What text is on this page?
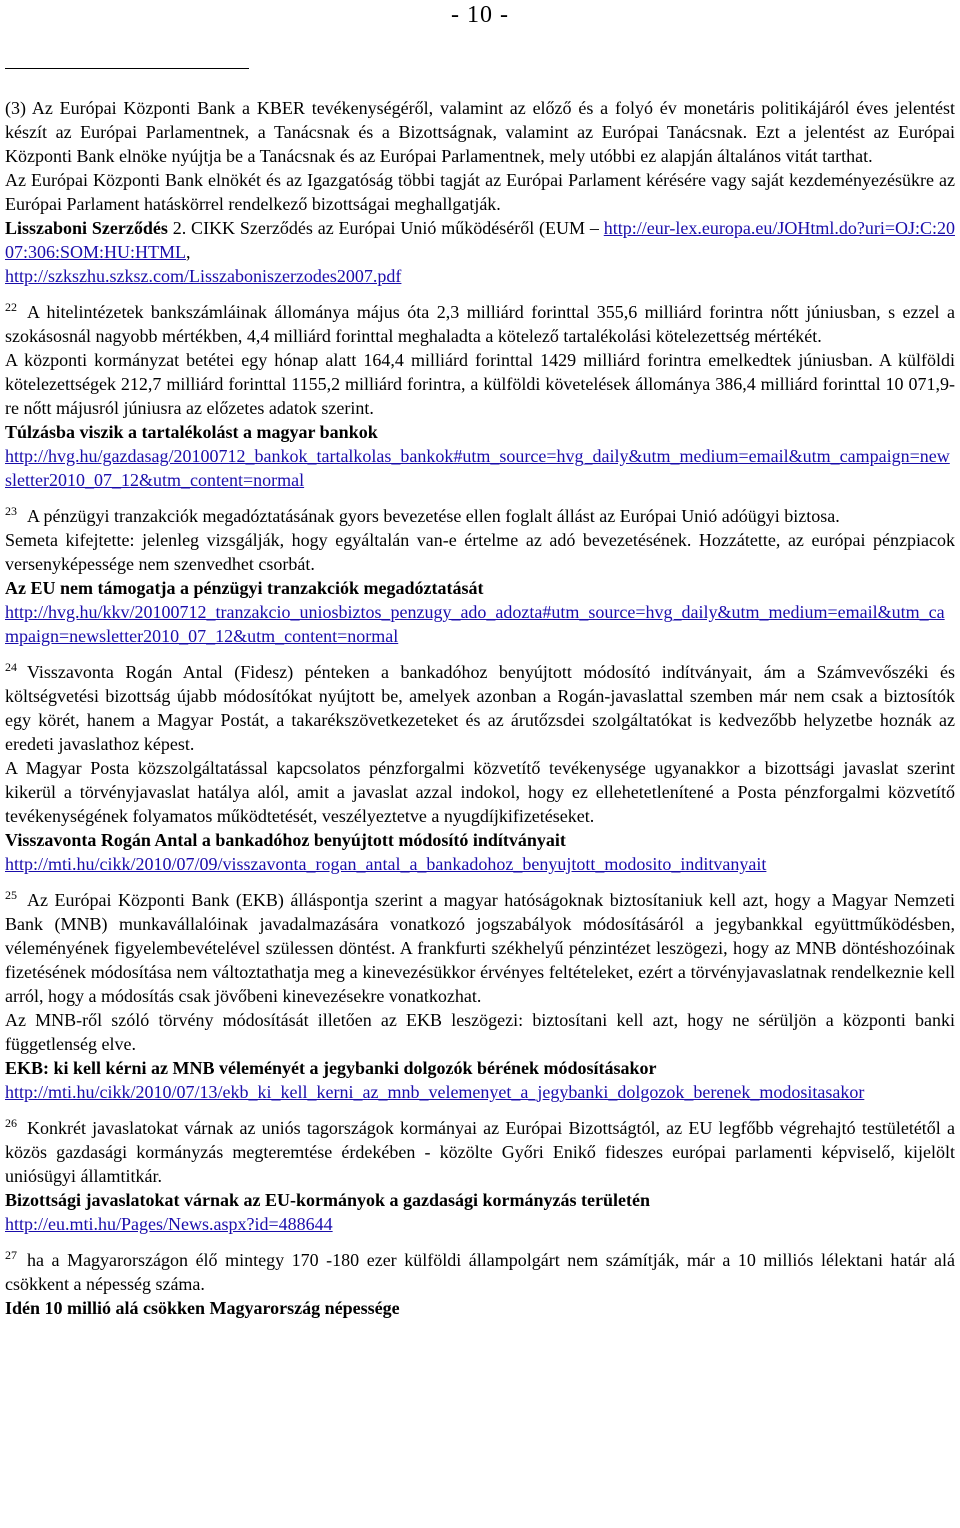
- 10 -

(3) Az Európai Központi Bank a KBER tevékenységéről, valamint az előző és a folyó év monetáris politikájáról éves jelentést készít az Európai Parlamentnek, a Tanácsnak és a Bizottságnak, valamint az Európai Tanácsnak. Ezt a jelentést az Európai Központi Bank elnöke nyújtja be a Tanácsnak és az Európai Parlamentnek, mely utóbbi ez alapján általános vitát tarthat.

Az Európai Központi Bank elnökét és az Igazgatóság többi tagját az Európai Parlament kérésére vagy saját kezdeményezésükre az Európai Parlament hatáskörrel rendelkező bizottságai meghallgatják.

Lisszaboni Szerződés 2. CIKK Szerződés az Európai Unió működéséről (EUM – http://eur-lex.europa.eu/JOHtml.do?uri=OJ:C:2007:306:SOM:HU:HTML,
http://szkszhu.szksz.com/Lisszaboniszerzodes2007.pdf

$^{22}$ A hitelintézetek bankszámláinak állománya május óta 2,3 milliárd forinttal 355,6 milliárd forintra nőtt júniusban, s ezzel a szokásosnál nagyobb mértékben, 4,4 milliárd forinttal meghaladta a kötelező tartalékolási kötelezettség mértékét.

A központi kormányzat betétei egy hónap alatt 164,4 milliárd forinttal 1429 milliárd forintra emelkedtek júniusban. A külföldi kötelezettségek 212,7 milliárd forinttal 1155,2 milliárd forintra, a külföldi követelések állománya 386,4 milliárd forinttal 10 071,9-re nőtt májusról júniusra az előzetes adatok szerint.

Túlzásba viszik a tartalékolást a magyar bankok

http://hvg.hu/gazdasag/20100712_bankok_tartalkolas_bankok#utm_source=hvg_daily&utm_medium=email&utm_campaign=newsletter2010_07_12&utm_content=normal

$^{23}$ A pénzügyi tranzakciók megadóztatásának gyors bevezetése ellen foglalt állást az Európai Unió adóügyi biztosa.

Semeta kifejtette: jelenleg vizsgálják, hogy egyáltalán van-e értelme az adó bevezetésének. Hozzátette, az európai pénzpiacok versenyképessége nem szenvedhet csorbát.

Az EU nem támogatja a pénzügyi tranzakciók megadóztatását

http://hvg.hu/kkv/20100712_tranzakcio_uniosbiztos_penzugy_ado_adozta#utm_source=hvg_daily&utm_medium=email&utm_campaign=newsletter2010_07_12&utm_content=normal

$^{24}$ Visszavonta Rogán Antal (Fidesz) pénteken a bankadóhoz benyújtott módosító indítványait, ám a Számvevőszéki és költségvetési bizottság újabb módosítókat nyújtott be, amelyek azonban a Rogán-javaslattal szemben már nem csak a biztosítók egy körét, hanem a Magyar Postát, a takarékszövetkezeteket és az árutőzsdei szolgáltatókat is kedvezőbb helyzetbe hoznák az eredeti javaslathoz képest.

A Magyar Posta közszolgáltatással kapcsolatos pénzforgalmi közvetítő tevékenysége ugyanakkor a bizottsági javaslat szerint kikerül a törvényjavaslat hatálya alól, amit a javaslat azzal indokol, hogy ez ellehetetlenítené a Posta pénzforgalmi közvetítő tevékenységének folyamatos működtetését, veszélyeztetve a nyugdíjkifizetéseket.

Visszavonta Rogán Antal a bankadóhoz benyújtott módosító indítványait

http://mti.hu/cikk/2010/07/09/visszavonta_rogan_antal_a_bankadohoz_benyujtott_modosito_inditvanyait

$^{25}$ Az Európai Központi Bank (EKB) álláspontja szerint a magyar hatóságoknak biztosítaniuk kell azt, hogy a Magyar Nemzeti Bank (MNB) munkavállalóinak javadalmazására vonatkozó jogszabályok módosításáról a jegybankkal együttműködésben, véleményének figyelembevételével szülessen döntést. A frankfurti székhelyű pénzintézet leszögezi, hogy az MNB döntéshozóinak fizetésének módosítása nem változtathatja meg a kinevezésükkor érvényes feltételeket, ezért a törvényjavaslatnak rendelkeznie kell arról, hogy a módosítás csak jövőbeni kinevezésekre vonatkozhat.

Az MNB-ről szóló törvény módosítását illetően az EKB leszögezi: biztosítani kell azt, hogy ne sérüljön a központi banki függetlenség elve.

EKB: ki kell kérni az MNB véleményét a jegybanki dolgozók bérének módosításakor

http://mti.hu/cikk/2010/07/13/ekb_ki_kell_kerni_az_mnb_velemenyet_a_jegybanki_dolgozok_berenek_modositasakor

$^{26}$ Konkrét javaslatokat várnak az uniós tagországok kormányai az Európai Bizottságtól, az EU legfőbb végrehajtó testületétől a közös gazdasági kormányzás megteremtése érdekében - közölte Győri Enikő fideszes európai parlamenti képviselő, kijelölt uniósügyi államtitkár.

Bizottsági javaslatokat várnak az EU-kormányok a gazdasági kormányzás területén

http://eu.mti.hu/Pages/News.aspx?id=488644

$^{27}$ ha a Magyarországon élő mintegy 170 -180 ezer külföldi állampolgárt nem számítják, már a 10 milliós lélektani határ alá csökkent a népesség száma.

Idén 10 millió alá csökken Magyarország népessége
